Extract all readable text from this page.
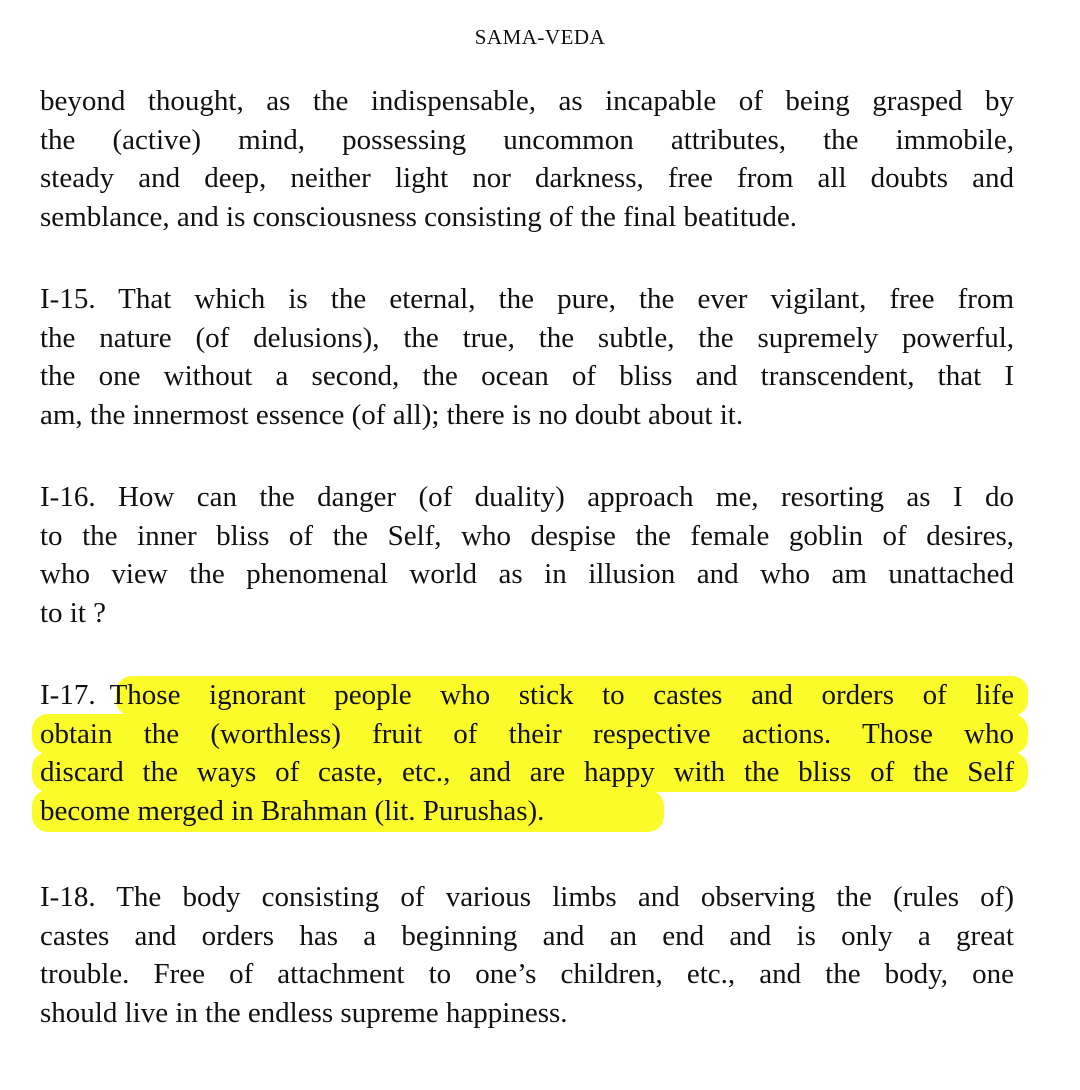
SAMA-VEDA
beyond thought, as the indispensable, as incapable of being grasped by
the (active) mind, possessing uncommon attributes, the immobile,
steady and deep, neither light nor darkness, free from all doubts and
semblance, and is consciousness consisting of the final beatitude.
I-15. That which is the eternal, the pure, the ever vigilant, free from
the nature (of delusions), the true, the subtle, the supremely powerful,
the one without a second, the ocean of bliss and transcendent, that I
am, the innermost essence (of all); there is no doubt about it.
I-16. How can the danger (of duality) approach me, resorting as I do
to the inner bliss of the Self, who despise the female goblin of desires,
who view the phenomenal world as in illusion and who am unattached
to it ?
I-17. Those ignorant people who stick to castes and orders of life
obtain the (worthless) fruit of their respective actions. Those who
discard the ways of caste, etc., and are happy with the bliss of the Self
become merged in Brahman (lit. Purushas).
I-18. The body consisting of various limbs and observing the (rules of)
castes and orders has a beginning and an end and is only a great
trouble. Free of attachment to one’s children, etc., and the body, one
should live in the endless supreme happiness.
